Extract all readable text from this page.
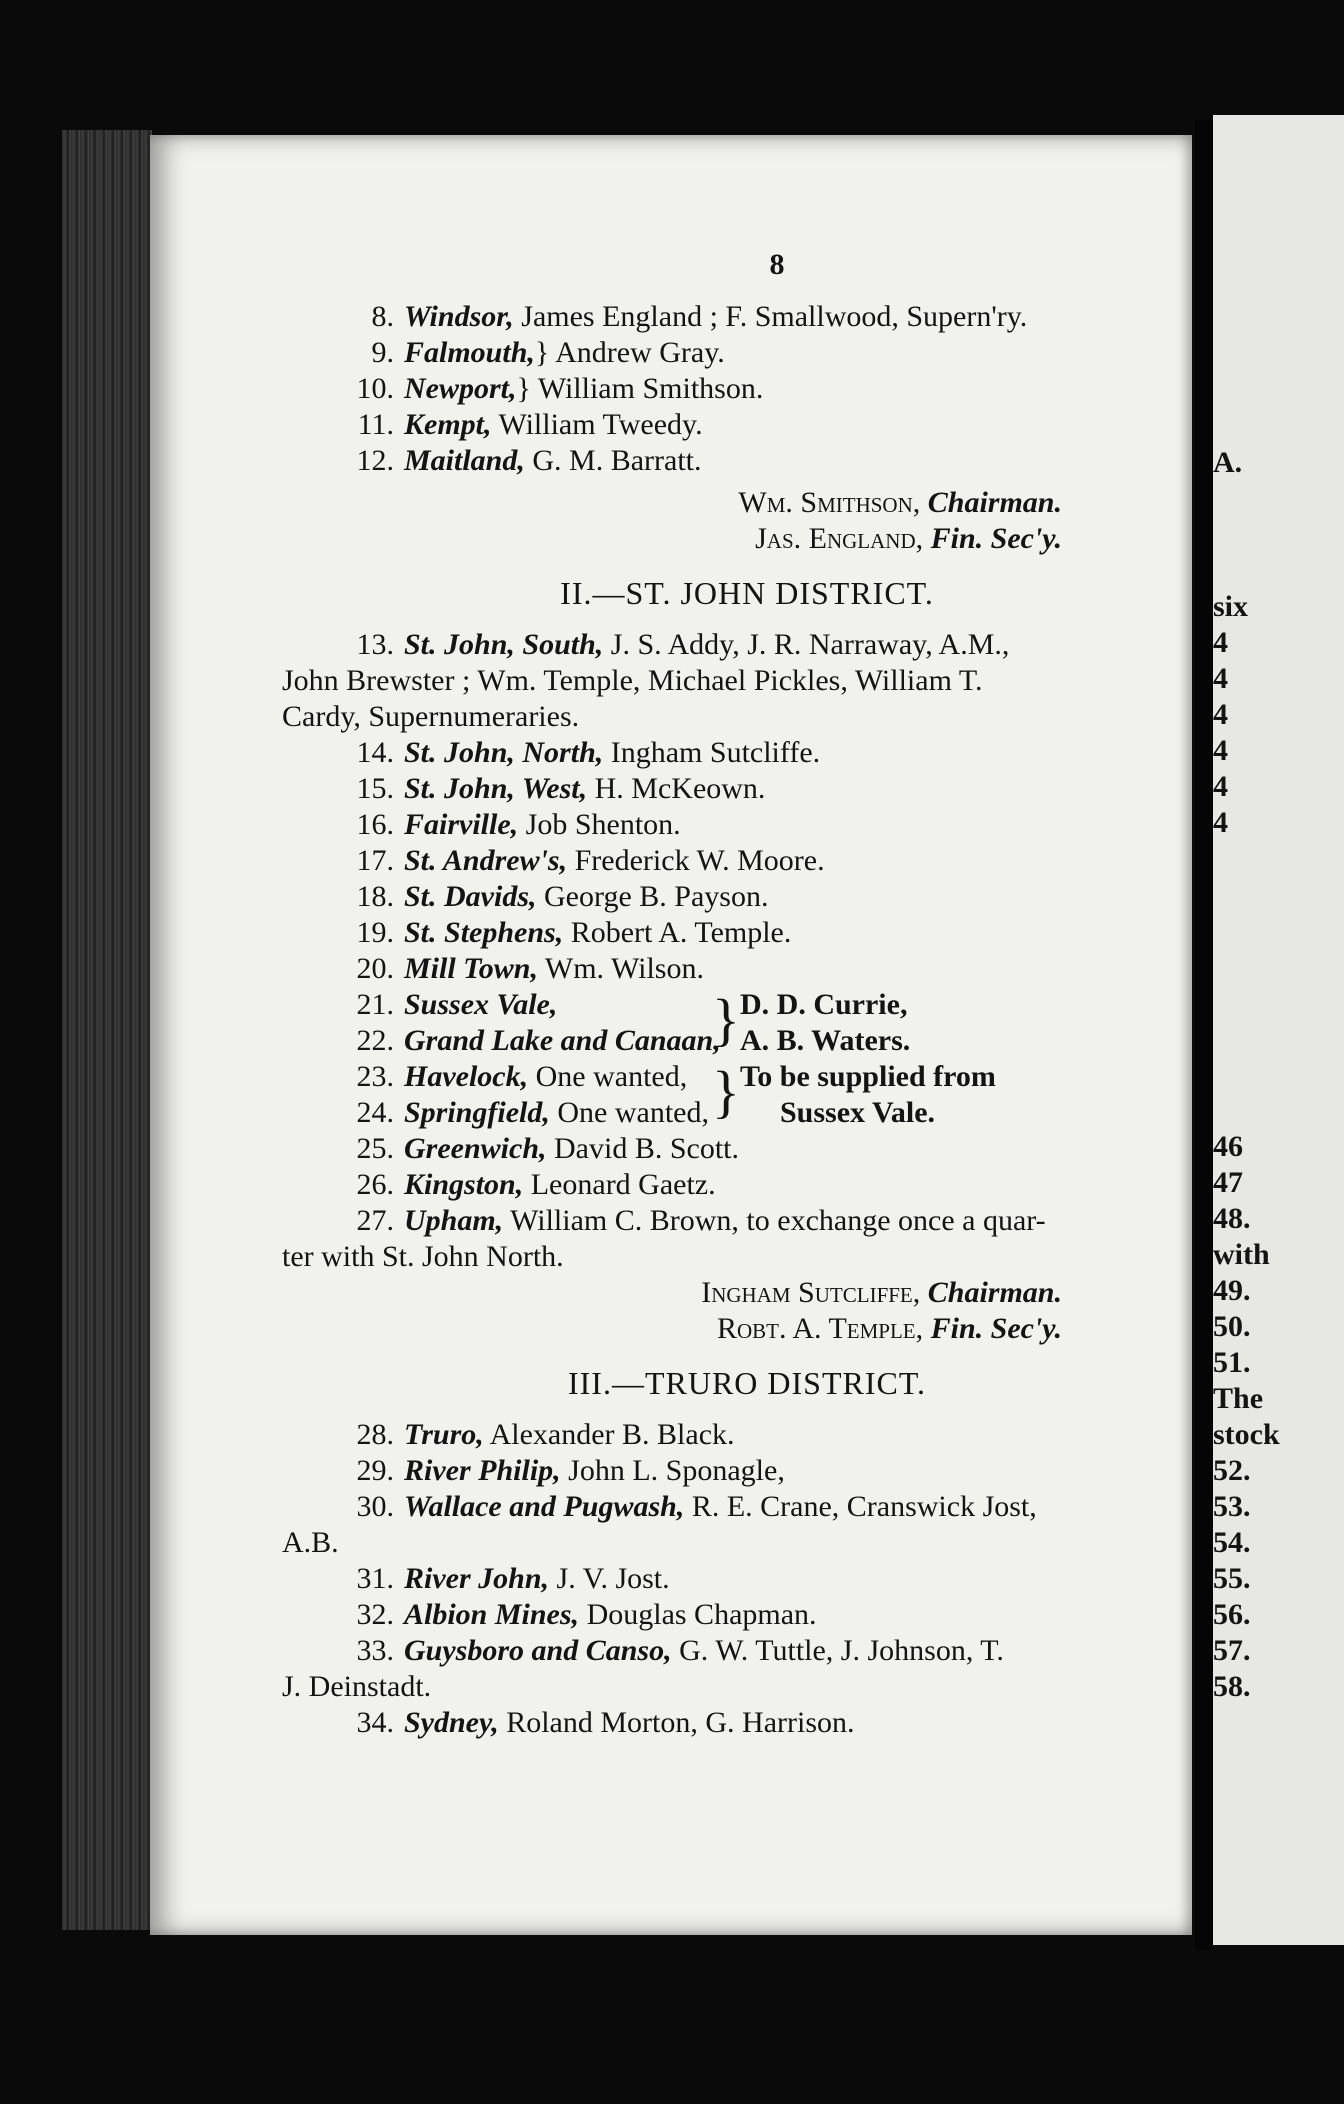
8
8. Windsor, James England ; F. Smallwood, Supern'ry.
9. Falmouth,} Andrew Gray.
10. Newport,} William Smithson.
11. Kempt, William Tweedy.
12. Maitland, G. M. Barratt.
Wm. Smithson, Chairman.
Jas. England, Fin. Sec'y.
II.—ST. JOHN DISTRICT.
13. St. John, South, J. S. Addy, J. R. Narraway, A.M.,
John Brewster ; Wm. Temple, Michael Pickles, William T.
Cardy, Supernumeraries.
14. St. John, North, Ingham Sutcliffe.
15. St. John, West, H. McKeown.
16. Fairville, Job Shenton.
17. St. Andrew's, Frederick W. Moore.
18. St. Davids, George B. Payson.
19. St. Stephens, Robert A. Temple.
20. Mill Town, Wm. Wilson.
21. Sussex Vale,
22. Grand Lake and Canaan,
} D. D. Currie,
A. B. Waters.
23. Havelock, One wanted,
24. Springfield, One wanted, } To be supplied from
Sussex Vale.
25. Greenwich, David B. Scott.
26. Kingston, Leonard Gaetz.
27. Upham, William C. Brown, to exchange once a quar-
ter with St. John North.
Ingham Sutcliffe, Chairman.
Robt. A. Temple, Fin. Sec'y.
III.—TRURO DISTRICT.
28. Truro, Alexander B. Black.
29. River Philip, John L. Sponagle,
30. Wallace and Pugwash, R. E. Crane, Cranswick Jost,
A.B.
31. River John, J. V. Jost.
32. Albion Mines, Douglas Chapman.
33. Guysboro and Canso, G. W. Tuttle, J. Johnson, T.
J. Deinstadt.
34. Sydney, Roland Morton, G. Harrison.
A.

six
4
4
4
4
4
4

46
47
48.
with
49.
50.
51.
The
stock
52.
53.
54.
55.
56.
57.
58.
